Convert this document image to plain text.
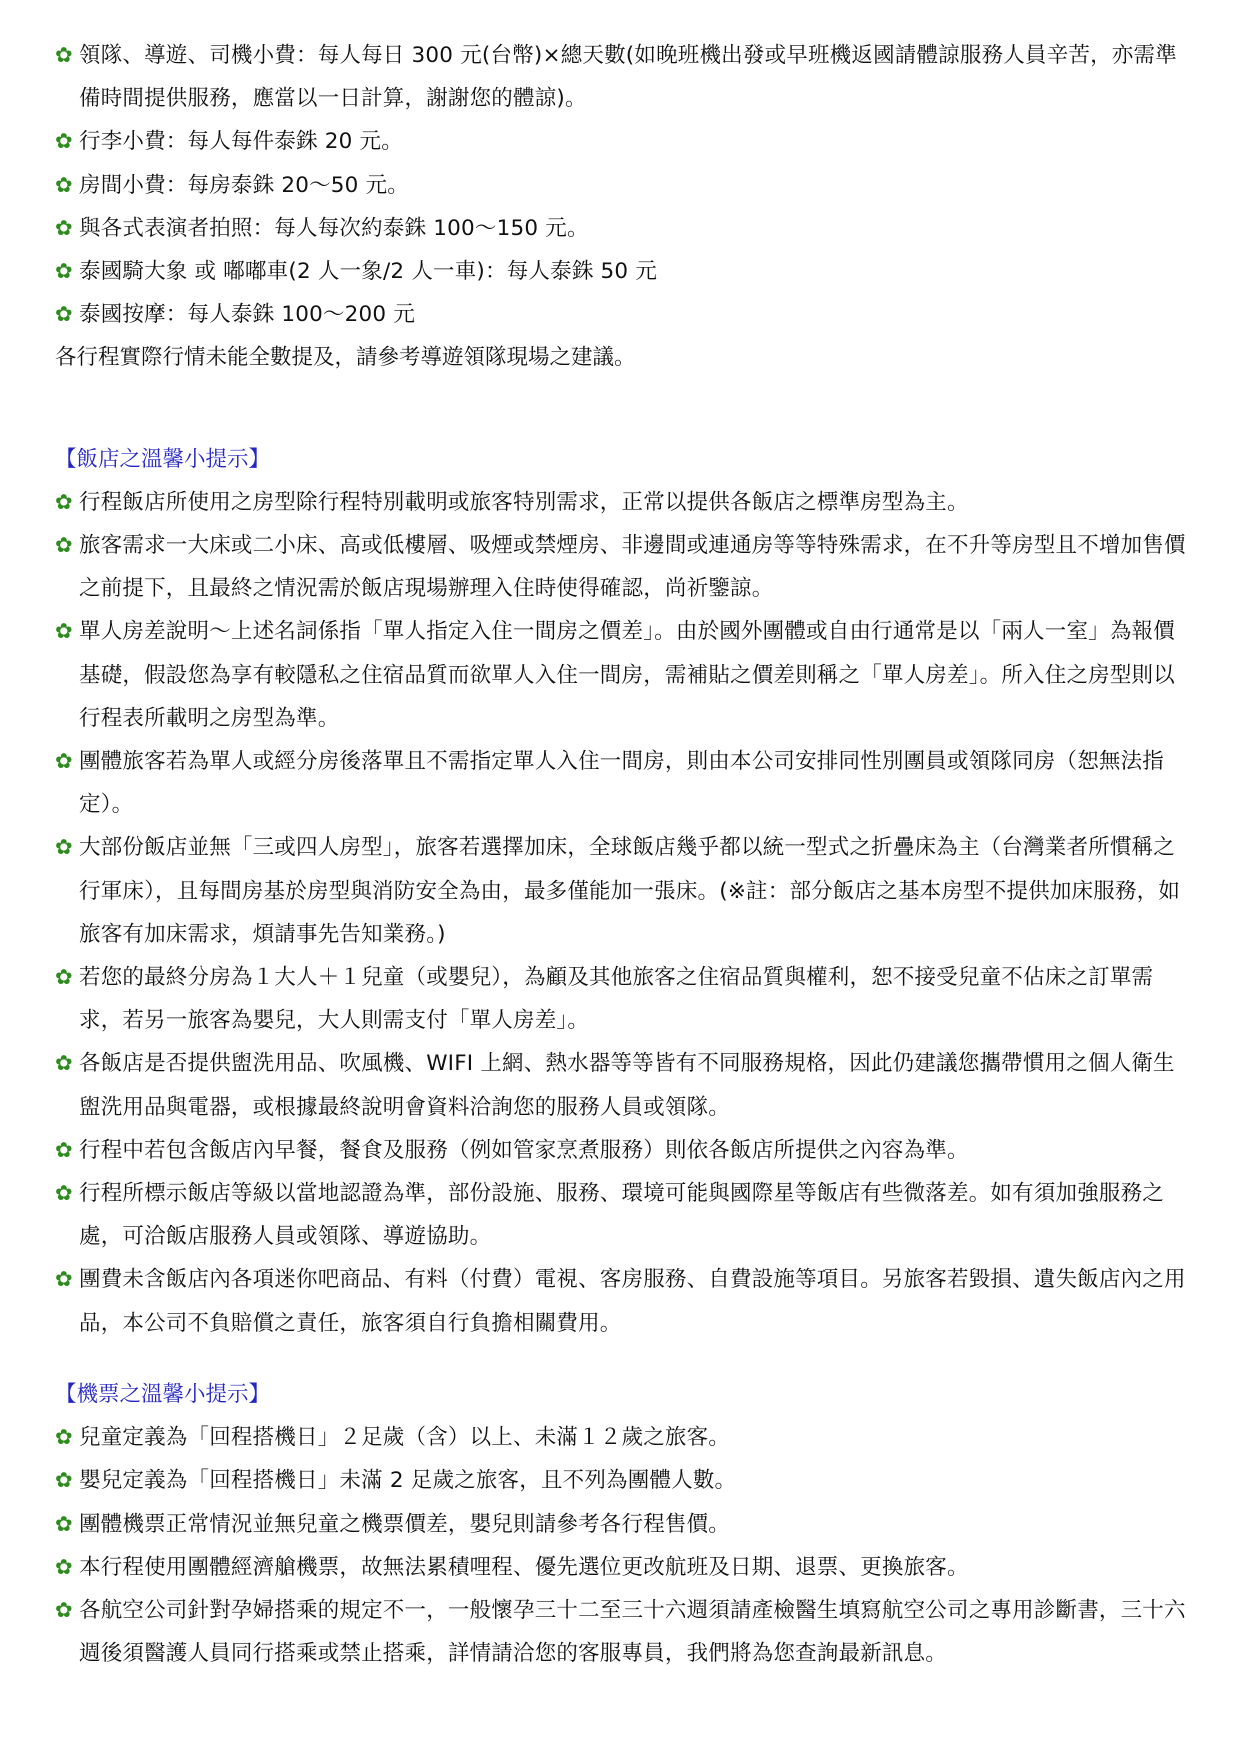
✿ 領隊、導遊、司機小費：每人每日 300 元(台幣)×總天數(如晚班機出發或早班機返國請體諒服務人員辛苦，亦需準備時間提供服務，應當以一日計算，謝謝您的體諒)。
✿ 行李小費：每人每件泰銖 20 元。
✿ 房間小費：每房泰銖 20～50 元。
✿ 與各式表演者拍照：每人每次約泰銖 100～150 元。
✿ 泰國騎大象 或 嘟嘟車(2 人一象/2 人一車)：每人泰銖 50 元
✿ 泰國按摩：每人泰銖 100～200 元
各行程實際行情未能全數提及，請參考導遊領隊現場之建議。
【飯店之溫馨小提示】
✿ 行程飯店所使用之房型除行程特別載明或旅客特別需求，正常以提供各飯店之標準房型為主。
✿ 旅客需求一大床或二小床、高或低樓層、吸煙或禁煙房、非邊間或連通房等等特殊需求，在不升等房型且不增加售價之前提下，且最終之情況需於飯店現場辦理入住時使得確認，尚祈鑒諒。
✿ 單人房差說明～上述名詞係指「單人指定入住一間房之價差」。由於國外團體或自由行通常是以「兩人一室」為報價基礎，假設您為享有較隱私之住宿品質而欲單人入住一間房，需補貼之價差則稱之「單人房差」。所入住之房型則以行程表所載明之房型為準。
✿ 團體旅客若為單人或經分房後落單且不需指定單人入住一間房，則由本公司安排同性別團員或領隊同房（恕無法指定）。
✿ 大部份飯店並無「三或四人房型」，旅客若選擇加床，全球飯店幾乎都以統一型式之折疊床為主（台灣業者所慣稱之行軍床），且每間房基於房型與消防安全為由，最多僅能加一張床。(※註：部分飯店之基本房型不提供加床服務，如旅客有加床需求，煩請事先告知業務。)
✿ 若您的最終分房為１大人＋１兒童（或嬰兒），為顧及其他旅客之住宿品質與權利，恕不接受兒童不佔床之訂單需求，若另一旅客為嬰兒，大人則需支付「單人房差」。
✿ 各飯店是否提供盥洗用品、吹風機、WIFI 上網、熱水器等等皆有不同服務規格，因此仍建議您攜帶慣用之個人衛生盥洗用品與電器，或根據最終說明會資料洽詢您的服務人員或領隊。
✿ 行程中若包含飯店內早餐，餐食及服務（例如管家烹煮服務）則依各飯店所提供之內容為準。
✿ 行程所標示飯店等級以當地認證為準，部份設施、服務、環境可能與國際星等飯店有些微落差。如有須加強服務之處，可洽飯店服務人員或領隊、導遊協助。
✿ 團費未含飯店內各項迷你吧商品、有料（付費）電視、客房服務、自費設施等項目。另旅客若毀損、遺失飯店內之用品，本公司不負賠償之責任，旅客須自行負擔相關費用。
【機票之溫馨小提示】
✿ 兒童定義為「回程搭機日」２足歲（含）以上、未滿１２歲之旅客。
✿ 嬰兒定義為「回程搭機日」未滿 2 足歲之旅客，且不列為團體人數。
✿ 團體機票正常情況並無兒童之機票價差，嬰兒則請參考各行程售價。
✿ 本行程使用團體經濟艙機票，故無法累積哩程、優先選位更改航班及日期、退票、更換旅客。
✿ 各航空公司針對孕婦搭乘的規定不一，一般懷孕三十二至三十六週須請產檢醫生填寫航空公司之專用診斷書，三十六週後須醫護人員同行搭乘或禁止搭乘，詳情請洽您的客服專員，我們將為您查詢最新訊息。
